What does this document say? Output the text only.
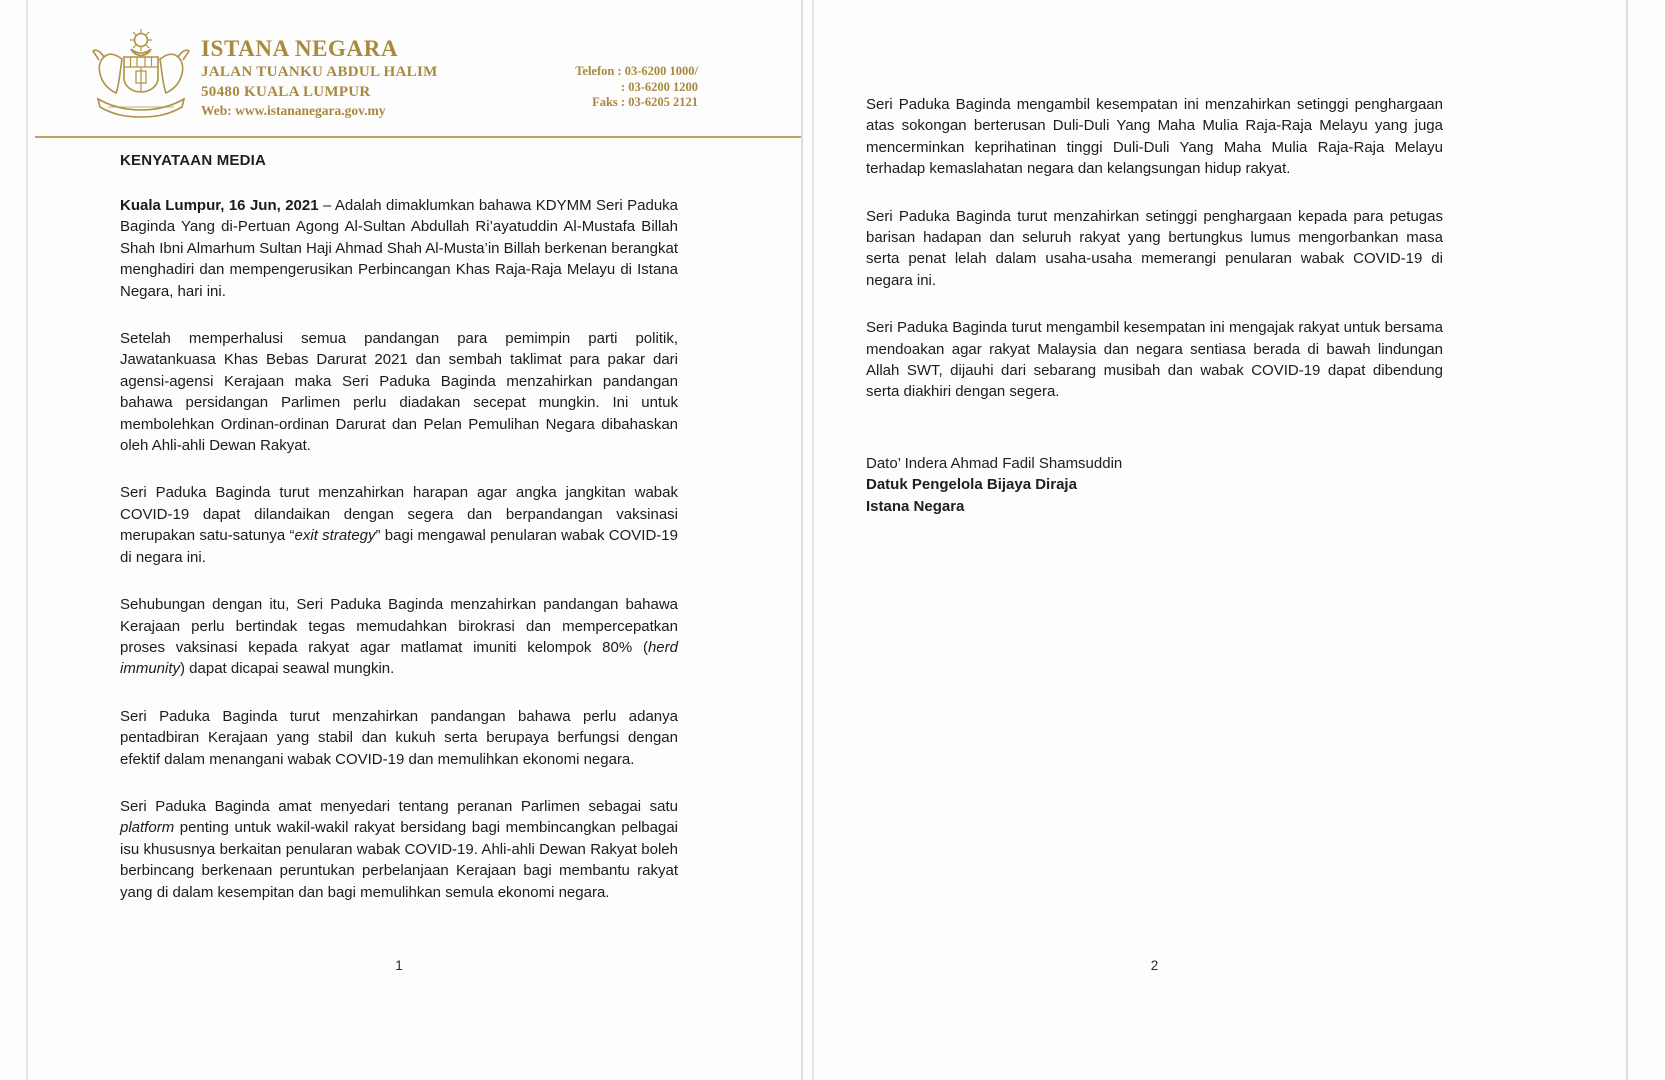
ISTANA NEGARA
JALAN TUANKU ABDUL HALIM
50480 KUALA LUMPUR
Web: www.istananegara.gov.my
Telefon : 03-6200 1000/
: 03-6200 1200
Faks : 03-6205 2121
KENYATAAN MEDIA

Kuala Lumpur, 16 Jun, 2021 – Adalah dimaklumkan bahawa KDYMM Seri Paduka Baginda Yang di-Pertuan Agong Al-Sultan Abdullah Ri’ayatuddin Al-Mustafa Billah Shah Ibni Almarhum Sultan Haji Ahmad Shah Al-Musta’in Billah berkenan berangkat menghadiri dan mempengerusikan Perbincangan Khas Raja-Raja Melayu di Istana Negara, hari ini.

Setelah memperhalusi semua pandangan para pemimpin parti politik, Jawatankuasa Khas Bebas Darurat 2021 dan sembah taklimat para pakar dari agensi-agensi Kerajaan maka Seri Paduka Baginda menzahirkan pandangan bahawa persidangan Parlimen perlu diadakan secepat mungkin. Ini untuk membolehkan Ordinan-ordinan Darurat dan Pelan Pemulihan Negara dibahaskan oleh Ahli-ahli Dewan Rakyat.

Seri Paduka Baginda turut menzahirkan harapan agar angka jangkitan wabak COVID-19 dapat dilandaikan dengan segera dan berpandangan vaksinasi merupakan satu-satunya “exit strategy” bagi mengawal penularan wabak COVID-19 di negara ini.

Sehubungan dengan itu, Seri Paduka Baginda menzahirkan pandangan bahawa Kerajaan perlu bertindak tegas memudahkan birokrasi dan mempercepatkan proses vaksinasi kepada rakyat agar matlamat imuniti kelompok 80% (herd immunity) dapat dicapai seawal mungkin.

Seri Paduka Baginda turut menzahirkan pandangan bahawa perlu adanya pentadbiran Kerajaan yang stabil dan kukuh serta berupaya berfungsi dengan efektif dalam menangani wabak COVID-19 dan memulihkan ekonomi negara.

Seri Paduka Baginda amat menyedari tentang peranan Parlimen sebagai satu platform penting untuk wakil-wakil rakyat bersidang bagi membincangkan pelbagai isu khususnya berkaitan penularan wabak COVID-19. Ahli-ahli Dewan Rakyat boleh berbincang berkenaan peruntukan perbelanjaan Kerajaan bagi membantu rakyat yang di dalam kesempitan dan bagi memulihkan semula ekonomi negara.

1

Seri Paduka Baginda mengambil kesempatan ini menzahirkan setinggi penghargaan atas sokongan berterusan Duli-Duli Yang Maha Mulia Raja-Raja Melayu yang juga mencerminkan keprihatinan tinggi Duli-Duli Yang Maha Mulia Raja-Raja Melayu terhadap kemaslahatan negara dan kelangsungan hidup rakyat.

Seri Paduka Baginda turut menzahirkan setinggi penghargaan kepada para petugas barisan hadapan dan seluruh rakyat yang bertungkus lumus mengorbankan masa serta penat lelah dalam usaha-usaha memerangi penularan wabak COVID-19 di negara ini.

Seri Paduka Baginda turut mengambil kesempatan ini mengajak rakyat untuk bersama mendoakan agar rakyat Malaysia dan negara sentiasa berada di bawah lindungan Allah SWT, dijauhi dari sebarang musibah dan wabak COVID-19 dapat dibendung serta diakhiri dengan segera.

Dato’ Indera Ahmad Fadil Shamsuddin
Datuk Pengelola Bijaya Diraja
Istana Negara
2
